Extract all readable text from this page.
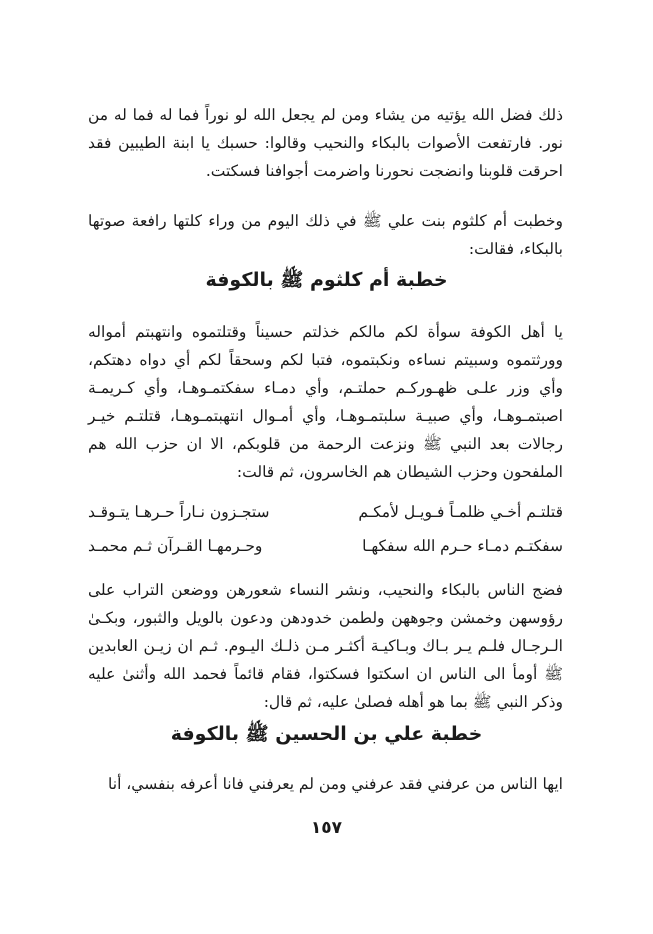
ذلك فضل الله يؤتيه من يشاء ومن لم يجعل الله لو نوراً فما له فما له من نور. فارتفعت الأصوات بالبكاء والنحيب وقالوا: حسبك يا ابنة الطيبين فقد احرقت قلوبنا وانضجت نحورنا واضرمت أجوافنا فسكتت.

وخطبت أم كلثوم بنت علي ﷺ في ذلك اليوم من وراء كلتها رافعة صوتها بالبكاء، فقالت:

خطبة أم كلثوم ﷺ بالكوفة

يا أهل الكوفة سوأة لكم مالكم خذلتم حسيناً وقتلتموه وانتهبتم أمواله وورثتموه وسبيتم نساءه ونكبتموه، فتبا لكم وسحقاً لكم أي دواه دهتكم، وأي وزر علـى ظهـوركـم حملتـم، وأي دمـاء سفكتمـوهـا، وأي كـريمـة اصبتمـوهـا، وأي صبيـة سلبتمـوهـا، وأي أمـوال انتهبتمـوهـا، قتلتـم خيـر رجالات بعد النبي ﷺ ونزعت الرحمة من قلوبكم، الا ان حزب الله هم الملفحون وحزب الشيطان هم الخاسرون، ثم قالت:

قتلتـم أخـي ظلمـاً فـويـل لأمكـم
ستجـزون نـاراً حـرهـا يتـوقـد
سفكتـم دمـاء حـرم الله سفكهـا
وحـرمهـا القـرآن ثـم محمـد

فضج الناس بالبكاء والنحيب، ونشر النساء شعورهن ووضعن التراب على رؤوسهن وخمشن وجوههن ولطمن خدودهن ودعون بالويل والثبور، وبكـىٰ الـرجـال فلـم يـر بـاك وبـاكيـة أكثـر مـن ذلـك اليـوم. ثـم ان زيـن العابدين ﷺ أومأ الى الناس ان اسكتوا فسكتوا، فقام قائماً فحمد الله وأثنىٰ عليه وذكر النبي ﷺ بما هو أهله فصلىٰ عليه، ثم قال:

خطبة علي بن الحسين ﷺ بالكوفة

ايها الناس من عرفني فقد عرفني ومن لم يعرفني فانا أعرفه بنفسي، أنا

١٥٧
